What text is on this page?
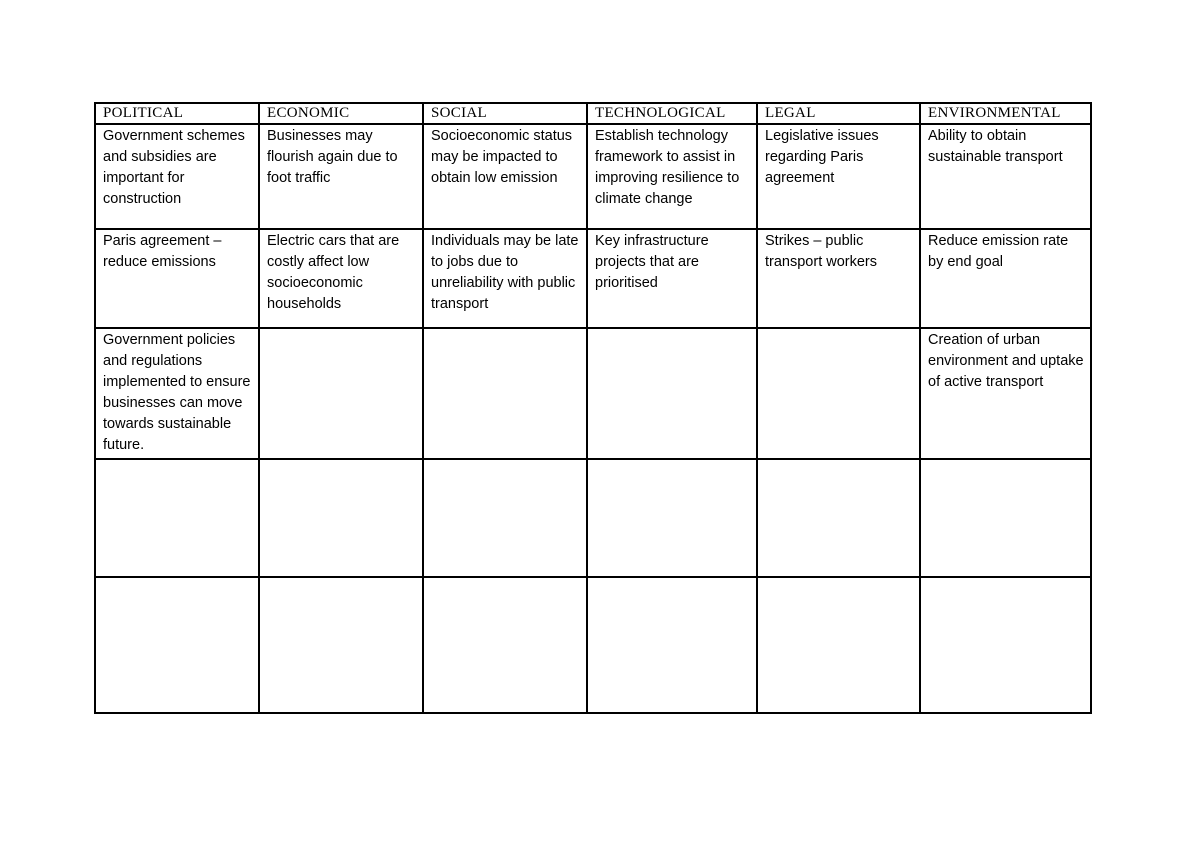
POLITICAL	ECONOMIC	SOCIAL	TECHNOLOGICAL	LEGAL	ENVIRONMENTAL
Government schemes and subsidies are important for construction	Businesses may flourish again due to foot traffic	Socioeconomic status may be impacted to obtain low emission	Establish technology framework to assist in improving resilience to climate change	Legislative issues regarding Paris agreement	Ability to obtain sustainable transport
Paris agreement – reduce emissions	Electric cars that are costly affect low socioeconomic households	Individuals may be late to jobs due to unreliability with public transport	Key infrastructure projects that are prioritised	Strikes – public transport workers	Reduce emission rate by end goal
Government policies and regulations implemented to ensure businesses can move towards sustainable future.					Creation of urban environment and uptake of active transport
